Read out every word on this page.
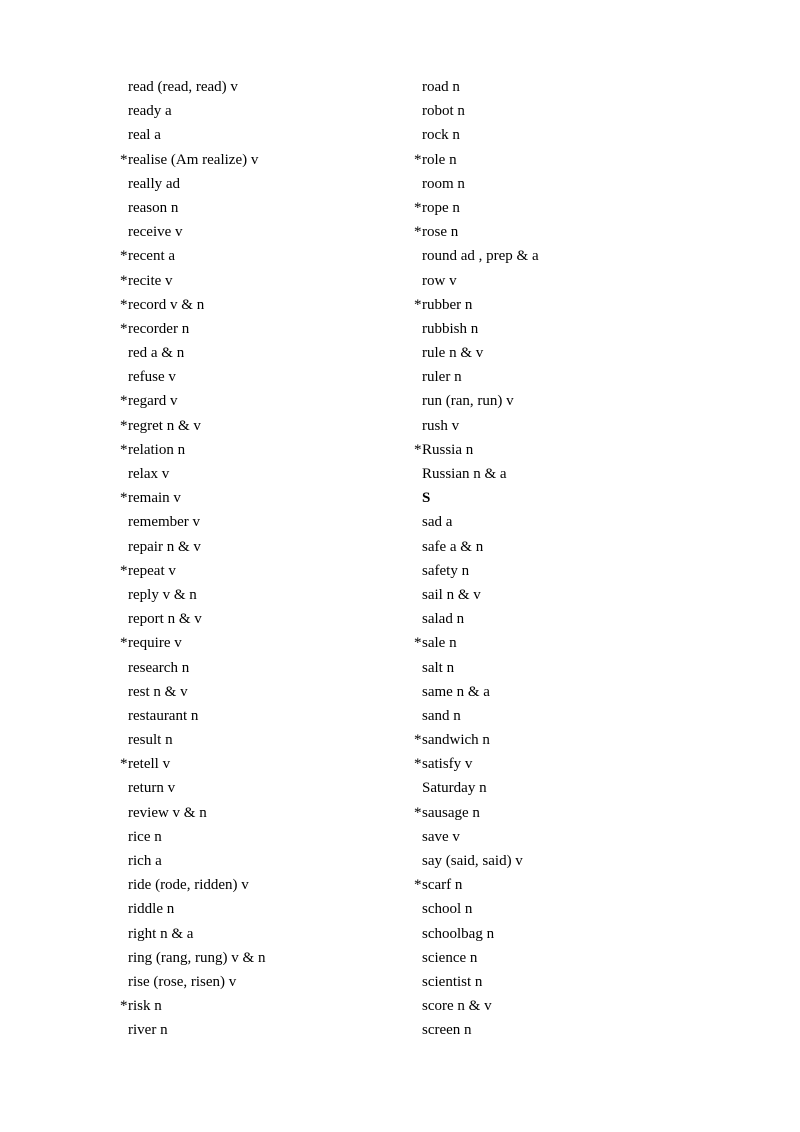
read (read, read) v
ready a
real a
*realise (Am realize) v
really ad
reason n
receive v
*recent a
*recite v
*record v & n
*recorder n
red a & n
refuse v
*regard v
*regret n & v
*relation n
relax v
*remain v
remember v
repair n & v
*repeat v
reply v & n
report n & v
*require v
research n
rest n & v
restaurant n
result n
*retell v
return v
review v & n
rice n
rich a
ride (rode, ridden) v
riddle n
right n & a
ring (rang, rung) v & n
rise (rose, risen) v
*risk n
river n
road n
robot n
rock n
*role n
room n
*rope n
*rose n
round ad , prep & a
row v
*rubber n
rubbish n
rule n & v
ruler n
run (ran, run) v
rush v
*Russia n
Russian n & a
S
sad a
safe a & n
safety n
sail n & v
salad n
*sale n
salt n
same n & a
sand n
*sandwich n
*satisfy v
Saturday n
*sausage n
save v
say (said, said) v
*scarf n
school n
schoolbag n
science n
scientist n
score n & v
screen n
